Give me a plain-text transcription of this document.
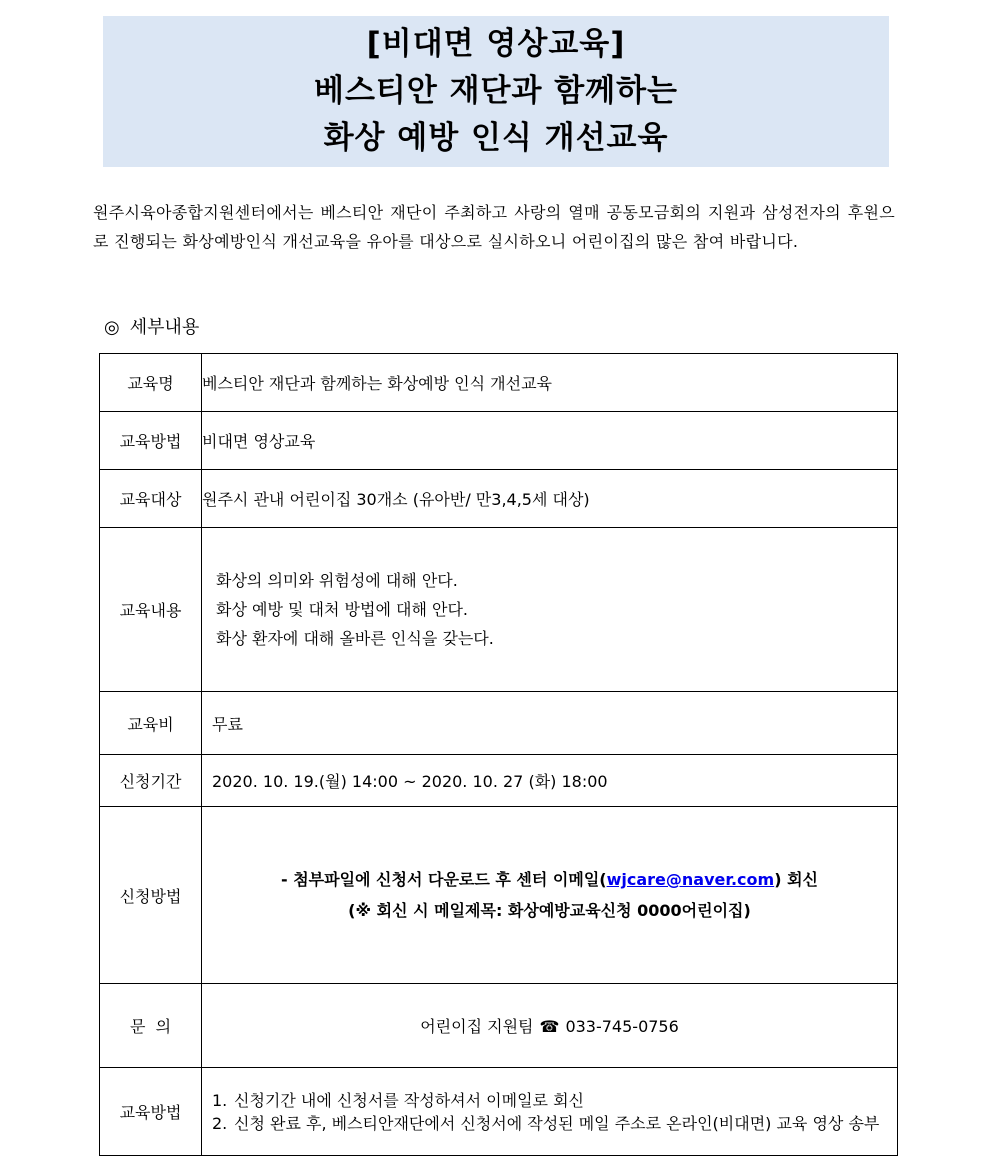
[비대면 영상교육]
베스티안 재단과 함께하는
화상 예방 인식 개선교육
원주시육아종합지원센터에서는 베스티안 재단이 주최하고 사랑의 열매 공동모금회의 지원과 삼성전자의 후원으로 진행되는 화상예방인식 개선교육을 유아를 대상으로 실시하오니 어린이집의 많은 참여 바랍니다.
◎ 세부내용
교육명	베스티안 재단과 함께하는 화상예방 인식 개선교육
교육방법	비대면 영상교육
교육대상	원주시 관내 어린이집 30개소 (유아반/ 만3,4,5세 대상)
교육내용	화상의 의미와 위험성에 대해 안다.
화상 예방 및 대처 방법에 대해 안다.
화상 환자에 대해 올바른 인식을 갖는다.

교육비	무료
신청기간	2020. 10. 19.(월) 14:00 ~ 2020. 10. 27 (화) 18:00
신청방법	- 첨부파일에 신청서 다운로드 후 센터 이메일(wjcare@naver.com) 회신
(※ 회신 시 메일제목: 화상예방교육신청 0000어린이집)

문  의	어린이집 지원팀 ☎ 033-745-0756
교육방법	1. 신청기간 내에 신청서를 작성하셔서 이메일로 회신
2. 신청 완료 후, 베스티안재단에서 신청서에 작성된 메일 주소로 온라인(비대면) 교육 영상 송부
